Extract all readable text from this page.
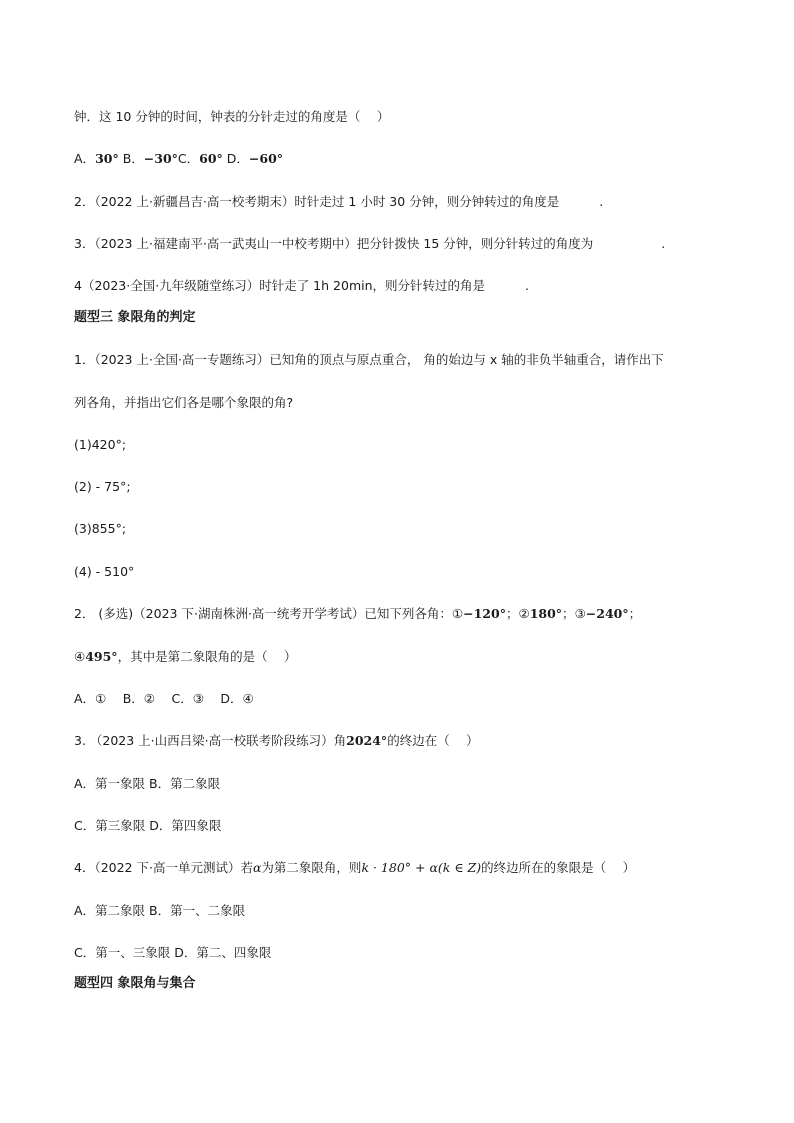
钟．这 10 分钟的时间，钟表的分针走过的角度是（　 ）
A．30° B．−30°C．60° D．−60°
2．（2022 上·新疆昌吉·高一校考期末）时针走过 1 小时 30 分钟，则分钟转过的角度是	.
3．（2023 上·福建南平·高一武夷山一中校考期中）把分针拨快 15 分钟，则分针转过的角度为	.
4（2023·全国·九年级随堂练习）时针走了 1h 20min，则分针转过的角是	.
题型三 象限角的判定
1．（2023 上·全国·高一专题练习）已知角的顶点与原点重合， 角的始边与 x 轴的非负半轴重合，请作出下
列各角，并指出它们各是哪个象限的角?
(1)420°;
(2) - 75°;
(3)855°;
(4) - 510°
2． (多选)（2023 下·湖南株洲·高一统考开学考试）已知下列各角：①−120°；②180°；③−240°；
④495°，其中是第二象限角的是（　 ）
A．①　 B．②　 C．③　 D．④
3. （2023 上·山西吕梁·高一校联考阶段练习）角2024°的终边在（　 ）
A．第一象限 B．第二象限
C．第三象限 D．第四象限
4．（2022 下·高一单元测试）若α为第二象限角，则k · 180° + α(k ∈ Z)的终边所在的象限是（　 ）
A．第二象限 B．第一、二象限
C．第一、三象限 D．第二、四象限
题型四 象限角与集合
